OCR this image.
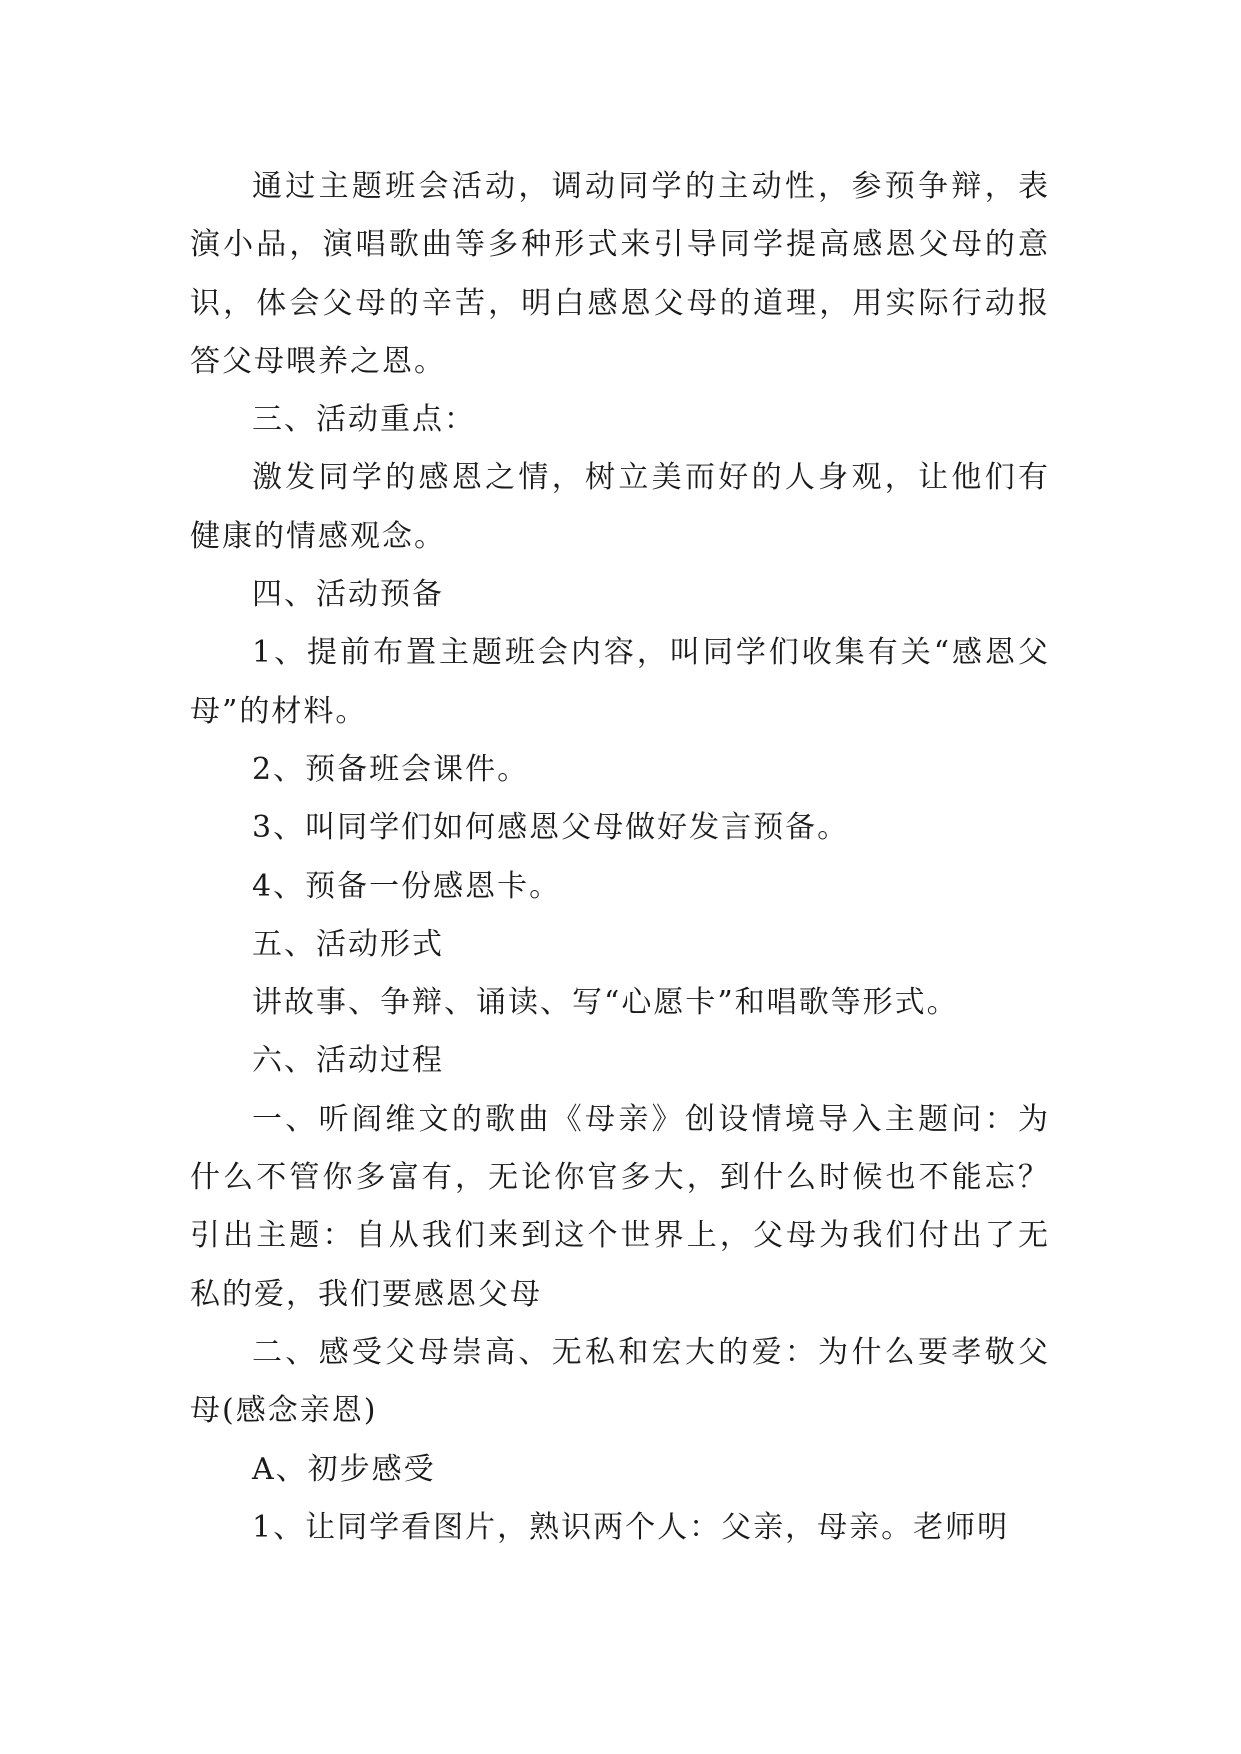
通过主题班会活动，调动同学的主动性，参预争辩，表演小品，演唱歌曲等多种形式来引导同学提高感恩父母的意识，体会父母的辛苦，明白感恩父母的道理，用实际行动报答父母喂养之恩。

三、活动重点：

激发同学的感恩之情，树立美而好的人身观，让他们有健康的情感观念。

四、活动预备

1、提前布置主题班会内容，叫同学们收集有关“感恩父母”的材料。

2、预备班会课件。

3、叫同学们如何感恩父母做好发言预备。

4、预备一份感恩卡。

五、活动形式

讲故事、争辩、诵读、写“心愿卡”和唱歌等形式。

六、活动过程

一、听阎维文的歌曲《母亲》创设情境导入主题问：为什么不管你多富有，无论你官多大，到什么时候也不能忘？引出主题：自从我们来到这个世界上，父母为我们付出了无私的爱，我们要感恩父母

二、感受父母崇高、无私和宏大的爱：为什么要孝敬父母(感念亲恩)

A、初步感受

1、让同学看图片，熟识两个人：父亲，母亲。老师明
